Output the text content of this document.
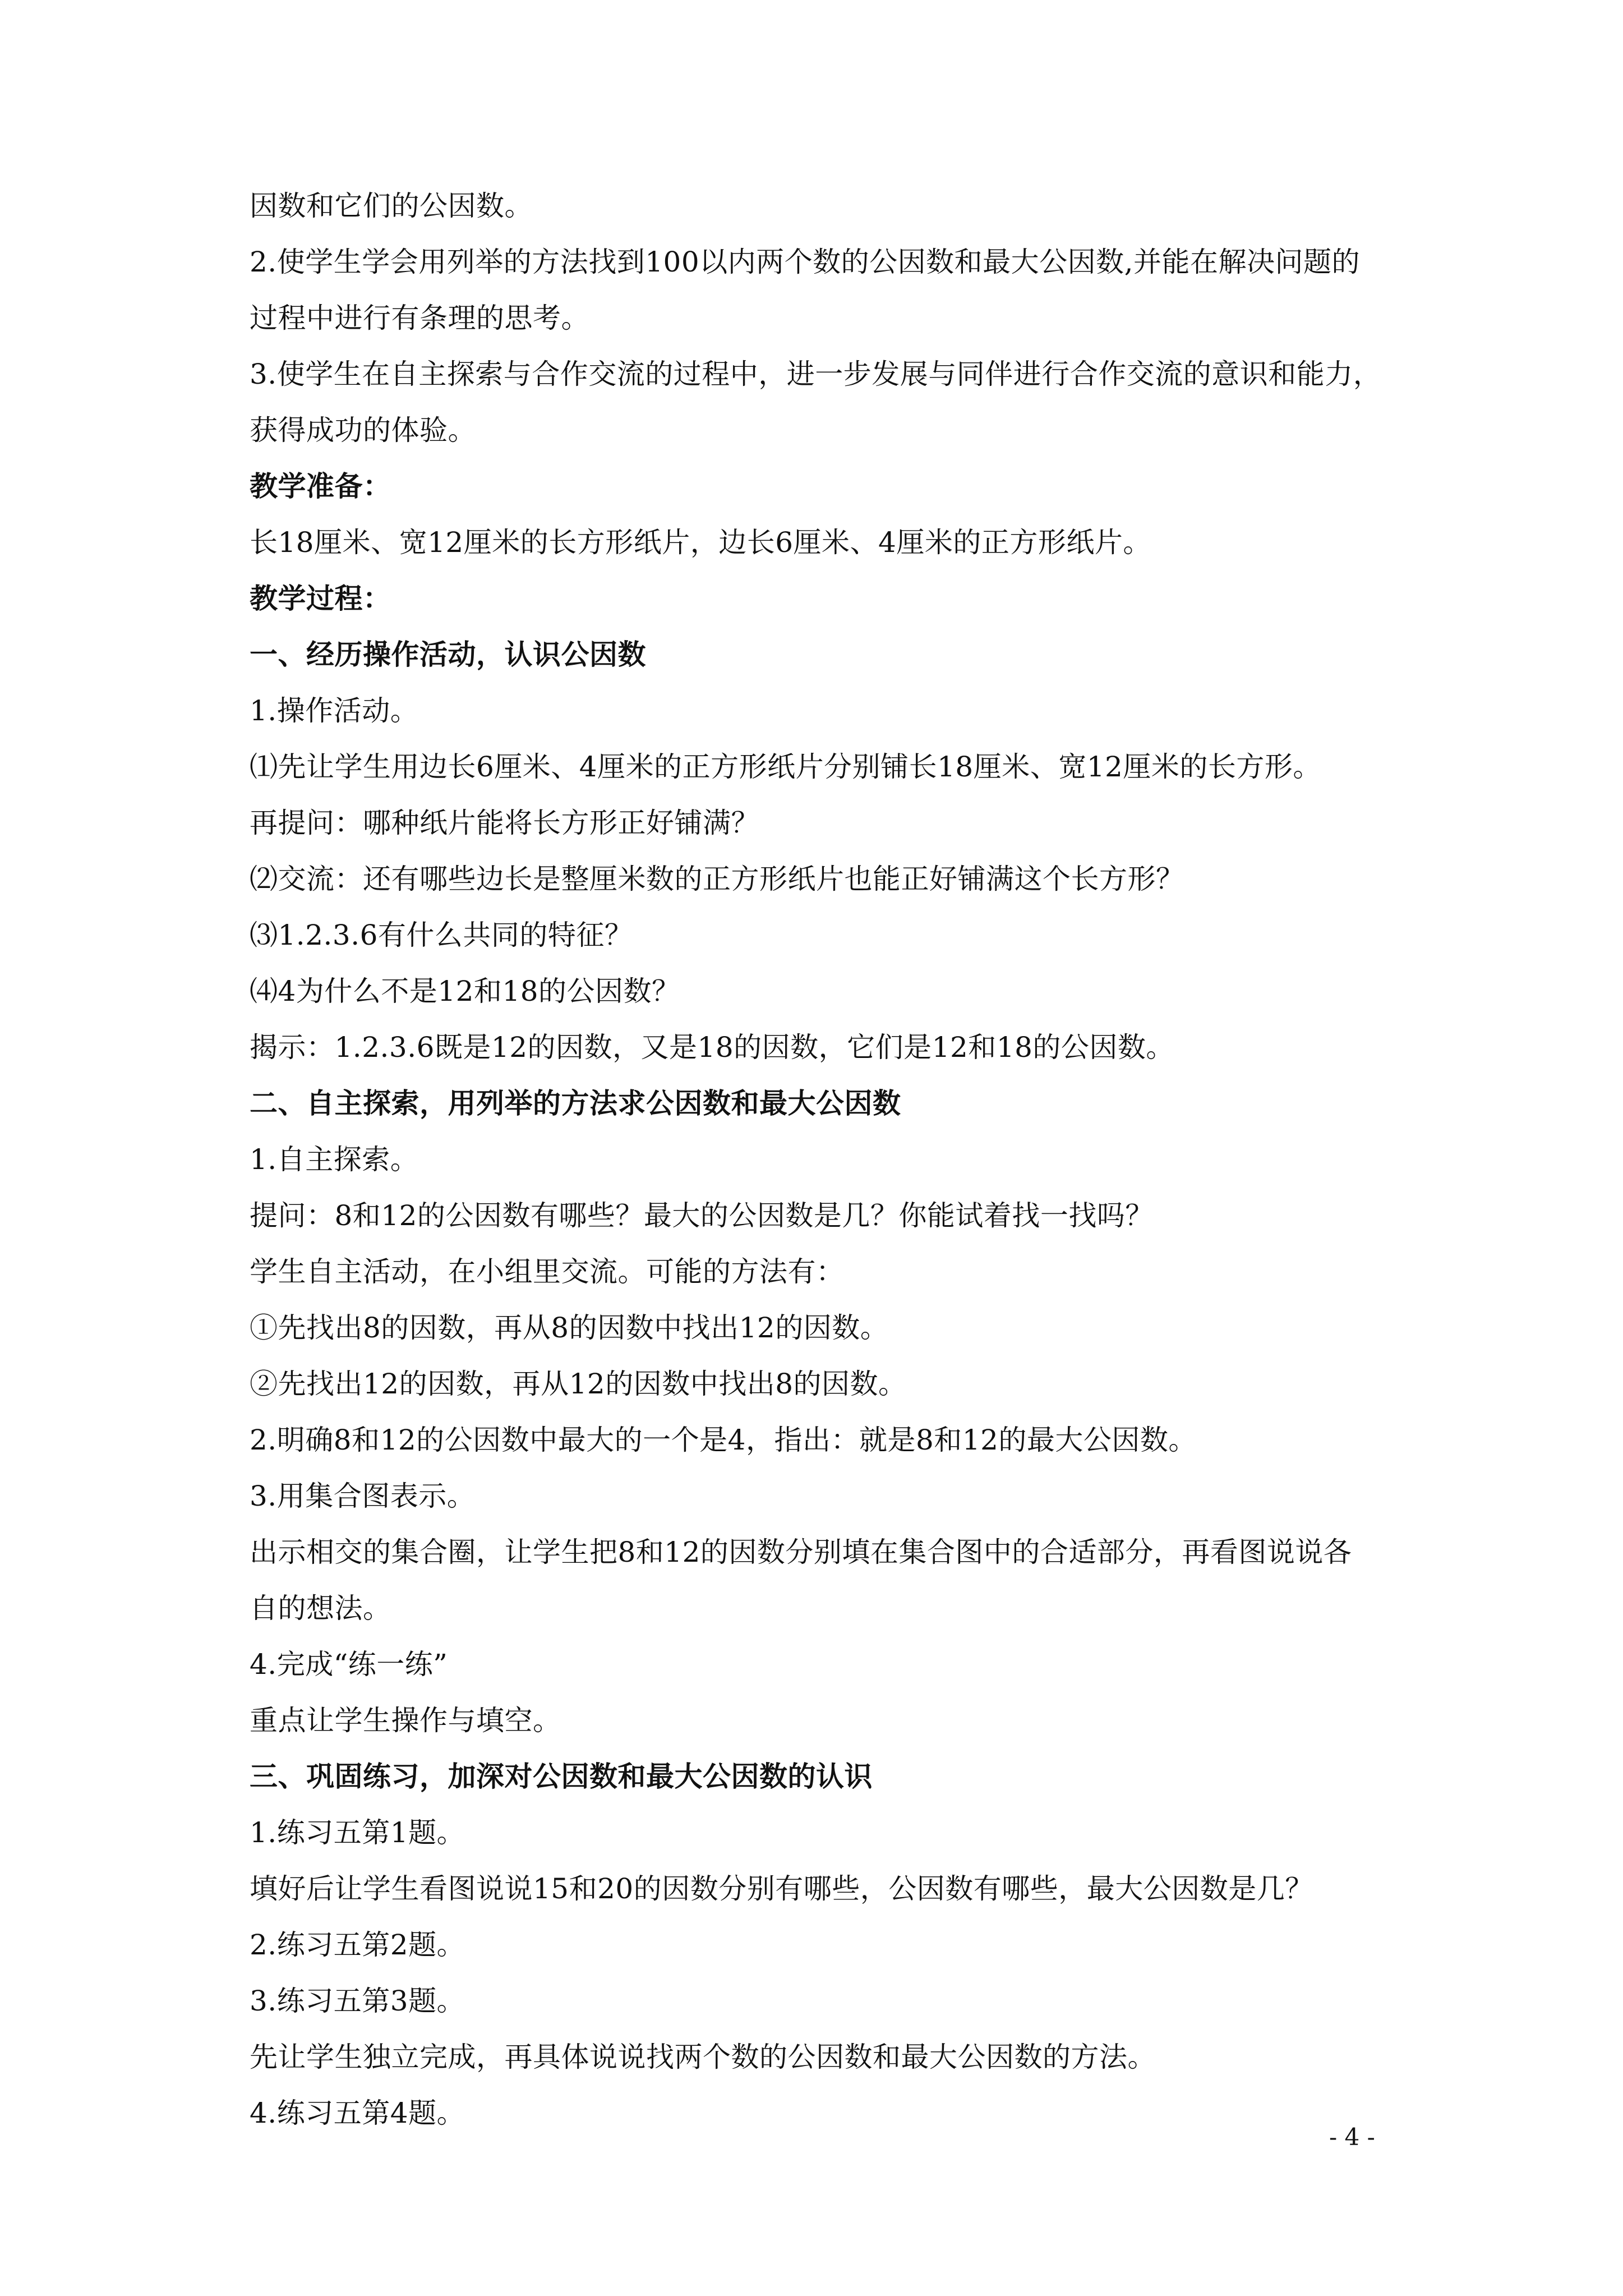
因数和它们的公因数。
2.使学生学会用列举的方法找到100以内两个数的公因数和最大公因数,并能在解决问题的
过程中进行有条理的思考。
3.使学生在自主探索与合作交流的过程中，进一步发展与同伴进行合作交流的意识和能力，
获得成功的体验。
教学准备：
长18厘米、宽12厘米的长方形纸片，边长6厘米、4厘米的正方形纸片。
教学过程：
一、经历操作活动，认识公因数
1.操作活动。
⑴先让学生用边长6厘米、4厘米的正方形纸片分别铺长18厘米、宽12厘米的长方形。
再提问：哪种纸片能将长方形正好铺满？
⑵交流：还有哪些边长是整厘米数的正方形纸片也能正好铺满这个长方形？
⑶1.2.3.6有什么共同的特征？
⑷4为什么不是12和18的公因数？
揭示：1.2.3.6既是12的因数，又是18的因数，它们是12和18的公因数。
二、自主探索，用列举的方法求公因数和最大公因数
1.自主探索。
提问：8和12的公因数有哪些？最大的公因数是几？你能试着找一找吗？
学生自主活动，在小组里交流。可能的方法有：
①先找出8的因数，再从8的因数中找出12的因数。
②先找出12的因数，再从12的因数中找出8的因数。
2.明确8和12的公因数中最大的一个是4，指出：就是8和12的最大公因数。
3.用集合图表示。
出示相交的集合圈，让学生把8和12的因数分别填在集合图中的合适部分，再看图说说各
自的想法。
4.完成“练一练”
重点让学生操作与填空。
三、巩固练习，加深对公因数和最大公因数的认识
1.练习五第1题。
填好后让学生看图说说15和20的因数分别有哪些，公因数有哪些，最大公因数是几？
2.练习五第2题。
3.练习五第3题。
先让学生独立完成，再具体说说找两个数的公因数和最大公因数的方法。
4.练习五第4题。
- 4 -
